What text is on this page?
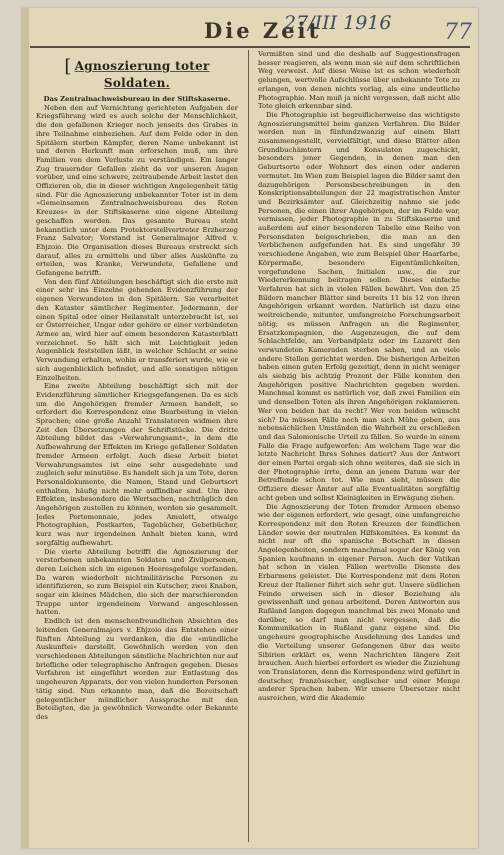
Die Zeit
27/III 1916 77
[ Agnoszierung toter Soldaten.

Das Zentralnachweisbureau in der Stiftskaserne.

Neben den auf Vernichtung gerichteten Aufgaben der Kriegsführung wird es auch solche der Menschlichkeit, die den gefallenen Krieger noch jenseits des Grabes in ihre Teilnahme einbeziehen. Auf dem Felde oder in den Spitälern sterben Kämpfer, deren Name unbekannt ist und deren Herkunft man erforschen muß, um ihre Familien von dem Verluste zu verständigen. Ein langer Zug trauernder Gefallen zieht da vor unseren Augen vorüber, und eine schwere, zeitraubende Arbeit lastet den Offizieren ob, die in dieser wichtigen Angelegenheit tätig sind. Für die Agnoszierung unbekannter Toter ist in dem »Gemeinsamen Zentralnachweisbureau des Roten Kreuzes« in der Stiftskaserne eine eigene Abteilung geschaffen worden. Das gesamte Bureau steht bekanntlich unter dem Protektorstellvertreter Erzherzog Franz Salvator; Vorstand ist Generalmajor Alfred v. Ehjzoio. Die Organisation dieses Bureaus erstreckt sich darauf, alles zu ermitteln und über alles Auskünfte zu erteilen, was Kranke, Verwundete, Gefallene und Gefangene betrifft.

Von den fünf Abteilungen beschäftigt sich die erste mit einer sehr ins Einzelne gehenden Evidenzführung der eigenen Verwundeten in den Spitälern. Sie verarbeitet den Kataster sämtlicher Regimenter. Jedermann, der einen Spital oder einer Heilanstalt unterzebracht ist, sei er Österreicher, Ungar oder gehöre er einer verbündeten Armee an, wird hier auf einem besonderen Katasterblatt verzeichnet. So hält sich mit Leichtigkeit jeden Augenblick feststellen läßt, in welcher Schlacht er seine Verwundung erhalten, wohin er transferiert wurde, wie er sich augenblicklich befindet, und alle sonstigen nötigen Einzelheiten.

Eine zweite Abteilung beschäftigt sich mit der Evidenzführung sämtlicher Kriegsgefangenen. Da es sich um die Angehörigen fremder Armeen handelt, so erfordert die Korrespondenz eine Bearbeitung in vielen Sprachen; eine große Anzahl Translatoren widmen ihre Zeit den Übersetzungen der Schriftstücke. Die dritte Abteilung bildet das »Verwahrungsamt«, in dem die Aufbewahrung der Effekten im Kriege gefallener Soldaten fremder Armeen erfolgt. Auch diese Arbeit bietet Verwahrungsamtes ist eine sehr ausgedehnte und zugleich sehr minutiöse. Es handelt sich ja um Tote, deren Personaldokumente, die Namen, Stand und Geburtsort enthalten, häufig nicht mehr auffindbar sind. Um ihre Effekten, insbesondere die Wertsachen, nachträglich den Angehörigen zustellen zu können, werden sie gesammelt. Jedes Portemonnaie, jedes Amulett, etwaige Photographien, Postkarten, Tagebücher, Gebetbücher, kurz was nur irgendeinen Anhalt bieten kann, wird sorgfältig aufbewahrt.

Die vierte Abteilung betrifft die Agnoszierung der verstorbenen unbekannten Soldaten und Zivilpersonen, deren Leichen sich im eigenen Heeresgefolge vorfanden. Da waren wiederholt nichtmilitärische Personen zu identifizieren, so zum Beispiel ein Kutscher, zwei Knaben, sogar ein kleines Mädchen, die sich der marschierenden Truppe unter irgendeinem Vorwand angeschlossen hatten.

Endlich ist den menschenfreundlichen Absichten des leitenden Generalmajors v. Ehjzoio das Entstehen einer fünften Abteilung zu verdanken, die die »mündliche Auskunftei« darstellt. Gewöhnlich werden von den verschiedenen Abteilungen sämtliche Nachrichten nur auf briefliche oder telegraphische Anfragen gegeben. Dieses Verfahren ist eingeführt worden zur Entlastung des ungeheuren Apparats, der von vielen hunderten Personen tätig sind. Nun erkannte man, daß die Bereitschaft gelegentlicher mündlicher Aussprache mit den Beteiligten, die ja gewöhnlich Verwandte oder Bekannte des

Vermißten sind und die deshalb auf Suggestionsfragen besser reagieren, als wenn man sie auf dem schriftlichen Weg verweist. Auf diese Weise ist es schon wiederholt gelungen, wertvolle Aufschlüsse über unbekannte Tote zu erlangen, von denen nichts vorlag, als eine undeutliche Photographie. Man muß ja nicht vergessen, daß nicht alle Tote gleich erkennbar sind.

Die Photographie ist begreiflicherweise das wichtigste Agnoszierungsmittel beim ganzen Verfahren. Die Bilder werden nun in fünfundzwanzig auf einem Blatt zusammengestellt, vervielfältigt, und diese Blätter allen Grundbuchämtern und Konsulaten zugeschickt, besonders jener Gegenden, in denen man den Geburtsorte oder Wohnort des einen oder anderen vermutet. Im Wien zum Beispiel lagen die Bilder samt den dazugehörigen Personsbeschreibungen in den Konskriptionsabteilungen der 22 magistratischen Ämter und Bezirksämter auf. Gleichzeitig nahme sie jede Personen, die einen ihrer Angehörigen, der im Felde war, vermissen, jeder Photographie in zu Stiftskaserne und außerdem auf einer besonderen Tabelle eine Reihe von Personsdaten beigeschrieben, die man an den Verblichenen aufgefunden hat. Es sind ungefähr 39 verschiedene Angaben, wie zum Beispiel über Haarfarbe, Körpermaße, besondere Eigentümlichkeiten, vorgefundene Sachen, Initialen usw., die zur Wiedererkennung beitragen sollen. Dieses einfache Verfahren hat sich in vielen Fällen bewährt. Von den 25 Bildern mancher Blätter sind bereits 11 bis 12 von ihren Angehörigen erkannt worden. Natürlich ist dazu eine weitreichende, mitunter, umfangreiche Forschungsarbeit nötig; es müssen Anfragen an die Regimenter, Ersatzkompagnien, die Augenzeugen, die auf dem Schlachtfelde, am Verbandplatz oder im Lazarett den verwundeten Kameraden sterben sahen, und an viele andere Stellen gerichtet werden. Die bisherigen Arbeiten haben einen guten Erfolg gezeitigt, denn in nicht weniger als siebzig bis achtzig Prozent der Fälle konnten den Angehörigen positive Nachrichten gegeben werden. Manchmal kommt es natürlich vor, daß zwei Familien ein und denselben Toten als ihren Angehörigen reklamieren. Wer von beiden hat da recht? Wer von beiden wünscht sich? Da müssen Fälle noch man sich Mühe geben, aus nebensächlichen Umständen die Wahrheit zu erschließen und das Salomonische Urteil zu fällen. So wurde in einem Falle die Frage aufgeworfen: Am welchem Tage war die letzte Nachricht Ihres Sohnes datiert? Aus der Antwort der einen Partei ergab sich ohne weiteres, daß sie sich in der Photographie irrte, denn an jenem Datum war der Betreffende schon tot. Wie man sieht, müssen die Offiziere dieser Ämter auf alle Eventualitäten sorgfältig acht geben und selbst Kleinigkeiten in Erwägung ziehen.

Die Agnoszierung der Toten fremder Armeen ebenso wie der eigenen erfordert, wie gesagt, eine umfangreiche Korrespondenz mit den Roten Kreuzen der feindlichen Länder sowie der neutralen Hilfskomitées. Es kommt da nicht nur oft die spanische Botschaft in diesen Angelegenheiten, sondern manchmal sogar der König von Spanien kaufmann in eigener Person. Auch der Vatikan hat schon in vielen Fällen wertvolle Dienste des Erbarmens geleistet. Die Korrespondenz mit dem Roten Kreuz der Italiener führt sich sehr gut. Unsere südlichen Feinde erweisen sich in dieser Beziehung als gewissenhaft und genau arbeitend. Deren Antworten aus Rußland langen dagegen manchmal bis zwei Monate und darüber, so darf man nicht vergessen, daß die Kommunikation in Rußland ganz eigene sind. Die ungeheure geographische Ausdehnung des Landes und die Verteilung unserer Gefangenen über das weite Sibirien erklärt es, wenn Nachrichten längere Zeit brauchen. Auch hierbei erfordert es wieder die Zuziehung von Translatoren, denn die Korrespondenz wird geführt in deutscher, französischer, englischer und einer Menge anderer Sprachen haben. Wir unsere Übersetzer nicht ausreichen, wird die Akademie
